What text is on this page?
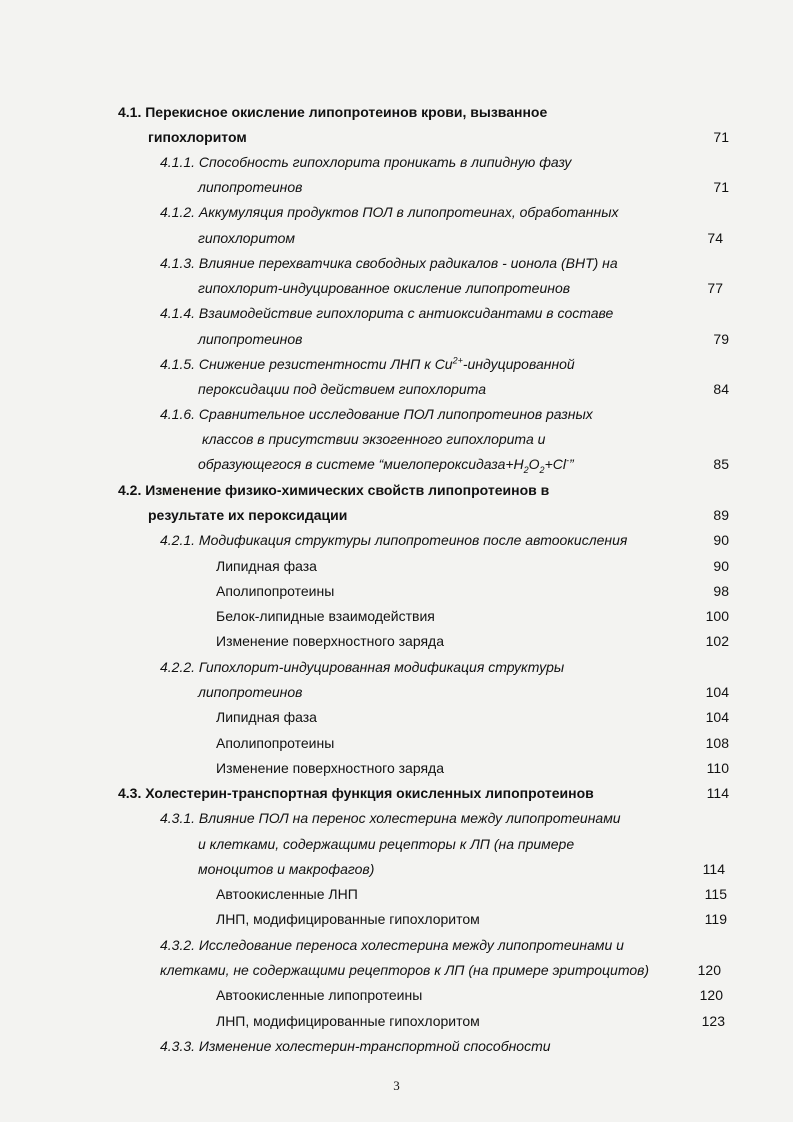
4.1. Перекисное окисление липопротеинов крови, вызванное
гипохлоритом	71
4.1.1. Способность гипохлорита проникать в липидную фазу
липопротеинов	71
4.1.2. Аккумуляция продуктов ПОЛ в липопротеинах, обработанных
гипохлоритом	74
4.1.3. Влияние перехватчика свободных радикалов - ионола (ВНТ) на
гипохлорит-индуцированное окисление липопротеинов	77
4.1.4. Взаимодействие гипохлорита с антиоксидантами в составе
липопротеинов	79
4.1.5. Снижение резистентности ЛНП к $Cu^{2+}$-индуцированной
пероксидации под действием гипохлорита	84
4.1.6. Сравнительное исследование ПОЛ липопротеинов разных
классов в присутствии экзогенного гипохлорита и
образующегося в системе “$миелопероксидаза+H_2O_2+Cl^-$”	85
4.2. Изменение физико-химических свойств липопротеинов в
результате их пероксидации	89
4.2.1. Модификация структуры липопротеинов после автоокисления	90
Липидная фаза	90
Аполипопротеины	98
Белок-липидные взаимодействия	100
Изменение поверхностного заряда	102
4.2.2. Гипохлорит-индуцированная модификация структуры
липопротеинов	104
Липидная фаза	104
Аполипопротеины	108
Изменение поверхностного заряда	110
4.3. Холестерин-транспортная функция окисленных липопротеинов	114
4.3.1. Влияние ПОЛ на перенос холестерина между липопротеинами
и клетками, содержащими рецепторы к ЛП (на примере
моноцитов и макрофагов)	114
Автоокисленные ЛНП	115
ЛНП, модифицированные гипохлоритом	119
4.3.2. Исследование переноса холестерина между липопротеинами и
клетками, не содержащими рецепторов к ЛП (на примере эритроцитов)	120
Автоокисленные липопротеины	120
ЛНП, модифицированные гипохлоритом	123
4.3.3. Изменение холестерин-транспортной способности
3
